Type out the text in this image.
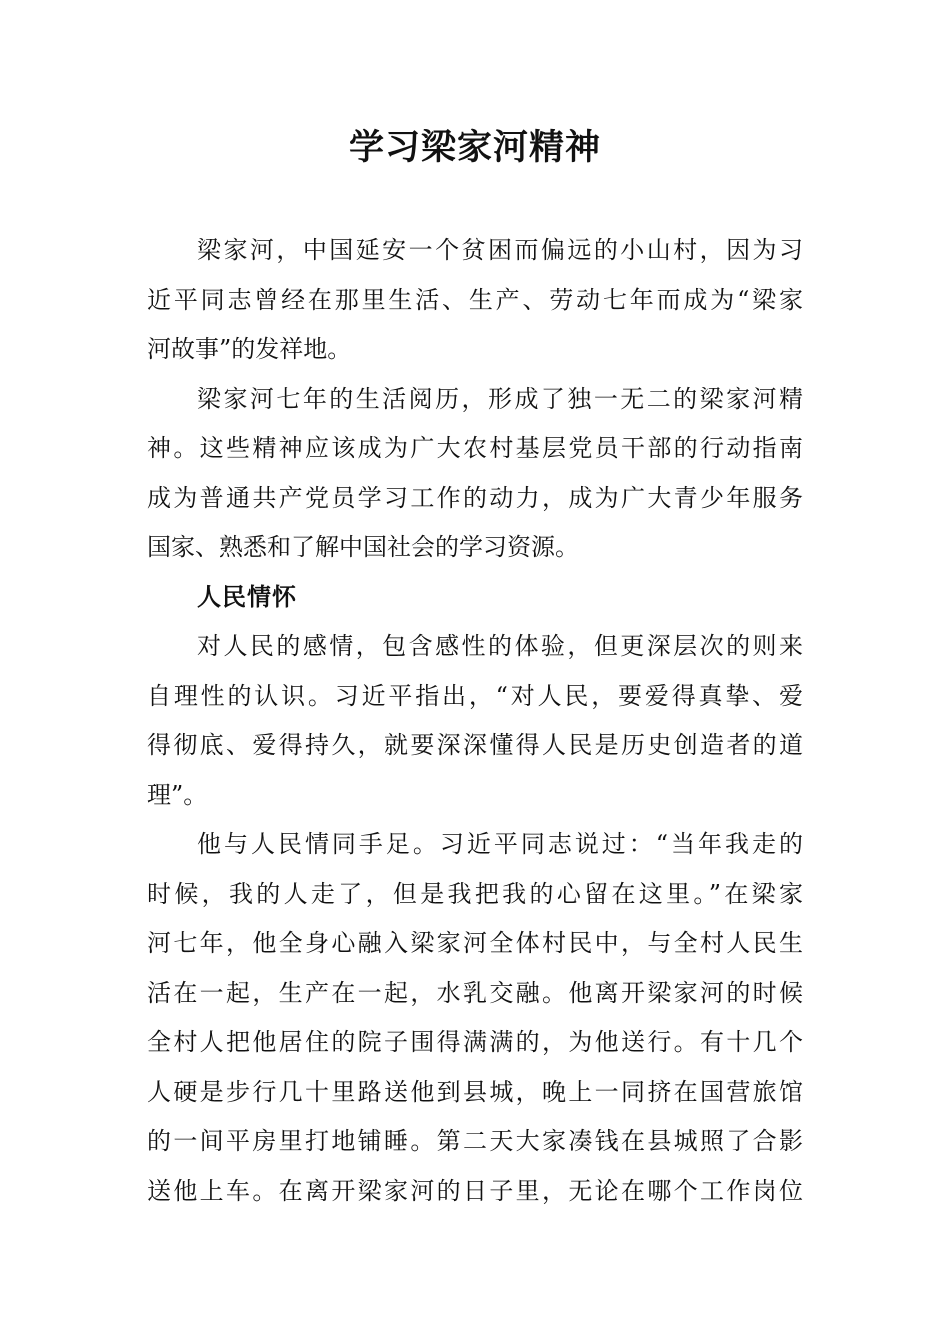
学习梁家河精神
梁家河，中国延安一个贫困而偏远的小山村，因为习
近平同志曾经在那里生活、生产、劳动七年而成为“梁家
河故事”的发祥地。
梁家河七年的生活阅历，形成了独一无二的梁家河精
神。这些精神应该成为广大农村基层党员干部的行动指南
成为普通共产党员学习工作的动力，成为广大青少年服务
国家、熟悉和了解中国社会的学习资源。
人民情怀
对人民的感情，包含感性的体验，但更深层次的则来
自理性的认识。习近平指出，“对人民，要爱得真挚、爱
得彻底、爱得持久，就要深深懂得人民是历史创造者的道
理”。
他与人民情同手足。习近平同志说过：“当年我走的
时候，我的人走了，但是我把我的心留在这里。”在梁家
河七年，他全身心融入梁家河全体村民中，与全村人民生
活在一起，生产在一起，水乳交融。他离开梁家河的时候
全村人把他居住的院子围得满满的，为他送行。有十几个
人硬是步行几十里路送他到县城，晚上一同挤在国营旅馆
的一间平房里打地铺睡。第二天大家凑钱在县城照了合影
送他上车。在离开梁家河的日子里，无论在哪个工作岗位
